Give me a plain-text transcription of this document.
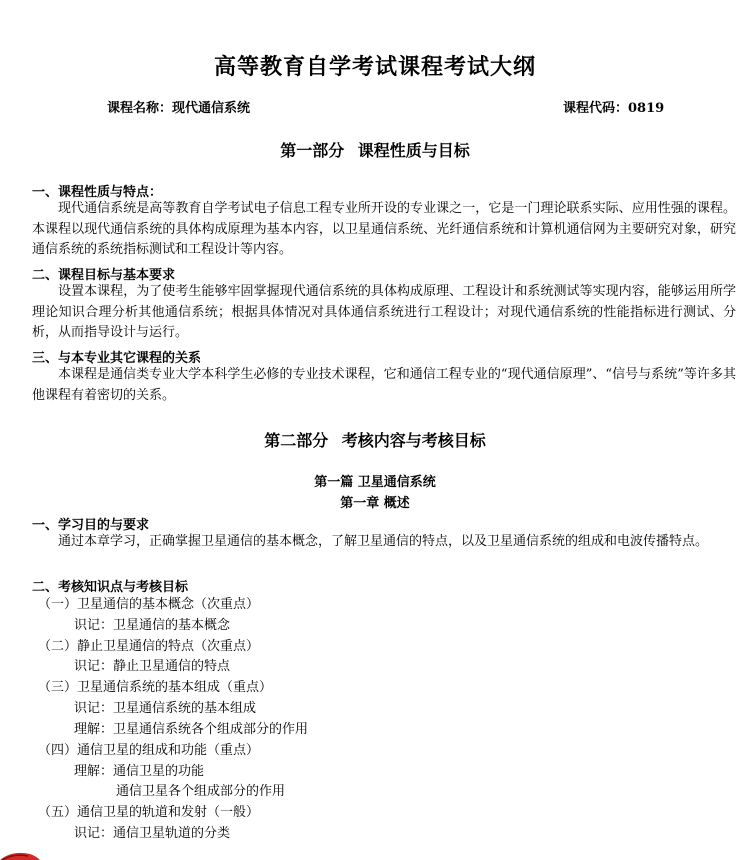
高等教育自学考试课程考试大纲
课程名称：现代通信系统	课程代码：0819
第一部分 课程性质与目标
一、课程性质与特点：
现代通信系统是高等教育自学考试电子信息工程专业所开设的专业课之一，它是一门理论联系实际、应用性强的课程。本课程以现代通信系统的具体构成原理为基本内容，以卫星通信系统、光纤通信系统和计算机通信网为主要研究对象，研究通信系统的系统指标测试和工程设计等内容。
二、课程目标与基本要求
设置本课程，为了使考生能够牢固掌握现代通信系统的具体构成原理、工程设计和系统测试等实现内容，能够运用所学理论知识合理分析其他通信系统；根据具体情况对具体通信系统进行工程设计；对现代通信系统的性能指标进行测试、分析，从而指导设计与运行。
三、与本专业其它课程的关系
本课程是通信类专业大学本科学生必修的专业技术课程，它和通信工程专业的“现代通信原理”、“信号与系统”等许多其他课程有着密切的关系。
第二部分 考核内容与考核目标
第一篇 卫星通信系统
第一章 概述
一、学习目的与要求
通过本章学习，正确掌握卫星通信的基本概念，了解卫星通信的特点，以及卫星通信系统的组成和电波传播特点。
二、考核知识点与考核目标
（一）卫星通信的基本概念（次重点）
识记：卫星通信的基本概念
（二）静止卫星通信的特点（次重点）
识记：静止卫星通信的特点
（三）卫星通信系统的基本组成（重点）
识记：卫星通信系统的基本组成
理解：卫星通信系统各个组成部分的作用
（四）通信卫星的组成和功能（重点）
理解：通信卫星的功能
通信卫星各个组成部分的作用
（五）通信卫星的轨道和发射（一般）
识记：通信卫星轨道的分类
